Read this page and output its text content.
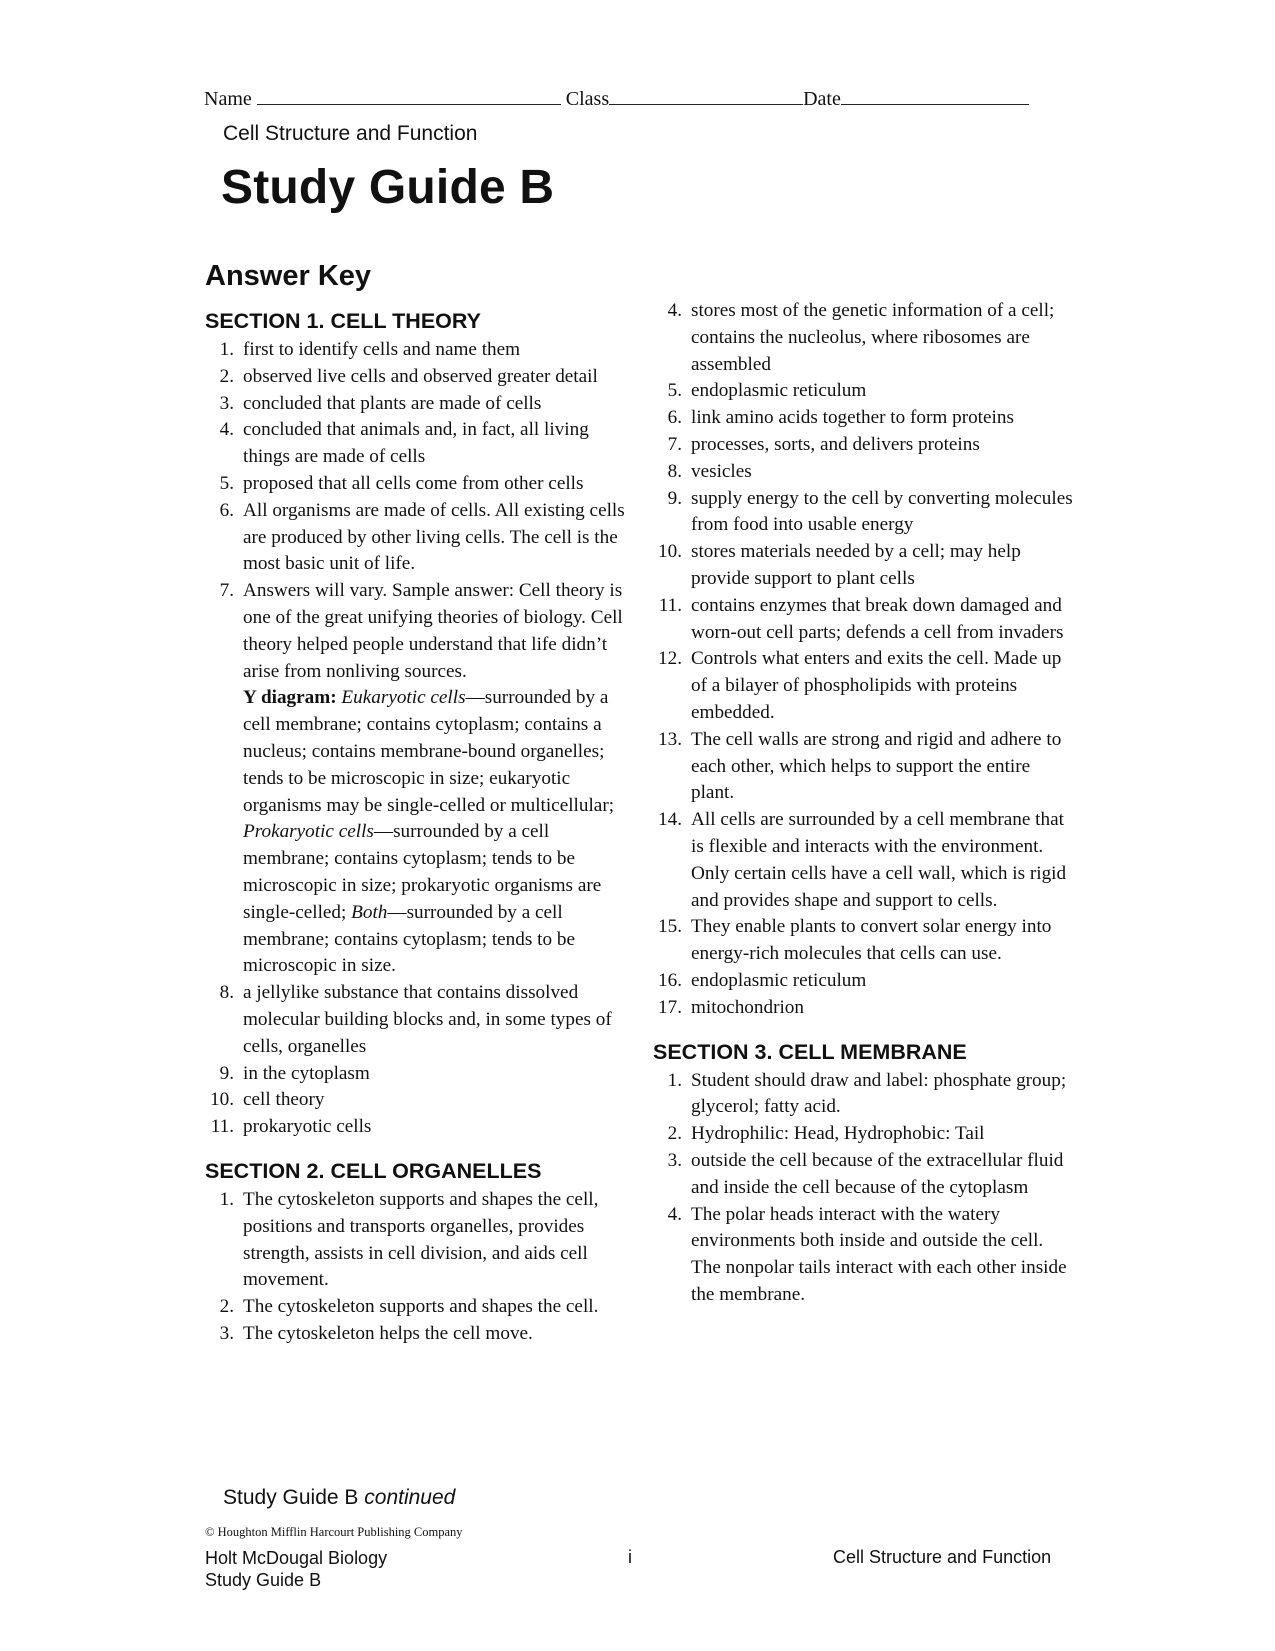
Name	Class	Date
Cell Structure and Function
Study Guide B
Answer Key
SECTION 1. CELL THEORY
1. first to identify cells and name them
2. observed live cells and observed greater detail
3. concluded that plants are made of cells
4. concluded that animals and, in fact, all living things are made of cells
5. proposed that all cells come from other cells
6. All organisms are made of cells. All existing cells are produced by other living cells. The cell is the most basic unit of life.
7. Answers will vary. Sample answer: Cell theory is one of the great unifying theories of biology. Cell theory helped people understand that life didn’t arise from nonliving sources.
Y diagram: Eukaryotic cells—surrounded by a cell membrane; contains cytoplasm; contains a nucleus; contains membrane-bound organelles; tends to be microscopic in size; eukaryotic organisms may be single-celled or multicellular; Prokaryotic cells—surrounded by a cell membrane; contains cytoplasm; tends to be microscopic in size; prokaryotic organisms are single-celled; Both—surrounded by a cell membrane; contains cytoplasm; tends to be microscopic in size.
8. a jellylike substance that contains dissolved molecular building blocks and, in some types of cells, organelles
9. in the cytoplasm
10. cell theory
11. prokaryotic cells
SECTION 2. CELL ORGANELLES
1. The cytoskeleton supports and shapes the cell, positions and transports organelles, provides strength, assists in cell division, and aids cell movement.
2. The cytoskeleton supports and shapes the cell.
3. The cytoskeleton helps the cell move.
4. stores most of the genetic information of a cell; contains the nucleolus, where ribosomes are assembled
5. endoplasmic reticulum
6. link amino acids together to form proteins
7. processes, sorts, and delivers proteins
8. vesicles
9. supply energy to the cell by converting molecules from food into usable energy
10. stores materials needed by a cell; may help provide support to plant cells
11. contains enzymes that break down damaged and worn-out cell parts; defends a cell from invaders
12. Controls what enters and exits the cell. Made up of a bilayer of phospholipids with proteins embedded.
13. The cell walls are strong and rigid and adhere to each other, which helps to support the entire plant.
14. All cells are surrounded by a cell membrane that is flexible and interacts with the environment. Only certain cells have a cell wall, which is rigid and provides shape and support to cells.
15. They enable plants to convert solar energy into energy-rich molecules that cells can use.
16. endoplasmic reticulum
17. mitochondrion
SECTION 3. CELL MEMBRANE
1. Student should draw and label: phosphate group; glycerol; fatty acid.
2. Hydrophilic: Head, Hydrophobic: Tail
3. outside the cell because of the extracellular fluid and inside the cell because of the cytoplasm
4. The polar heads interact with the watery environments both inside and outside the cell. The nonpolar tails interact with each other inside the membrane.
Study Guide B continued
© Houghton Mifflin Harcourt Publishing Company
Holt McDougal Biology
Study Guide B
i	Cell Structure and Function
